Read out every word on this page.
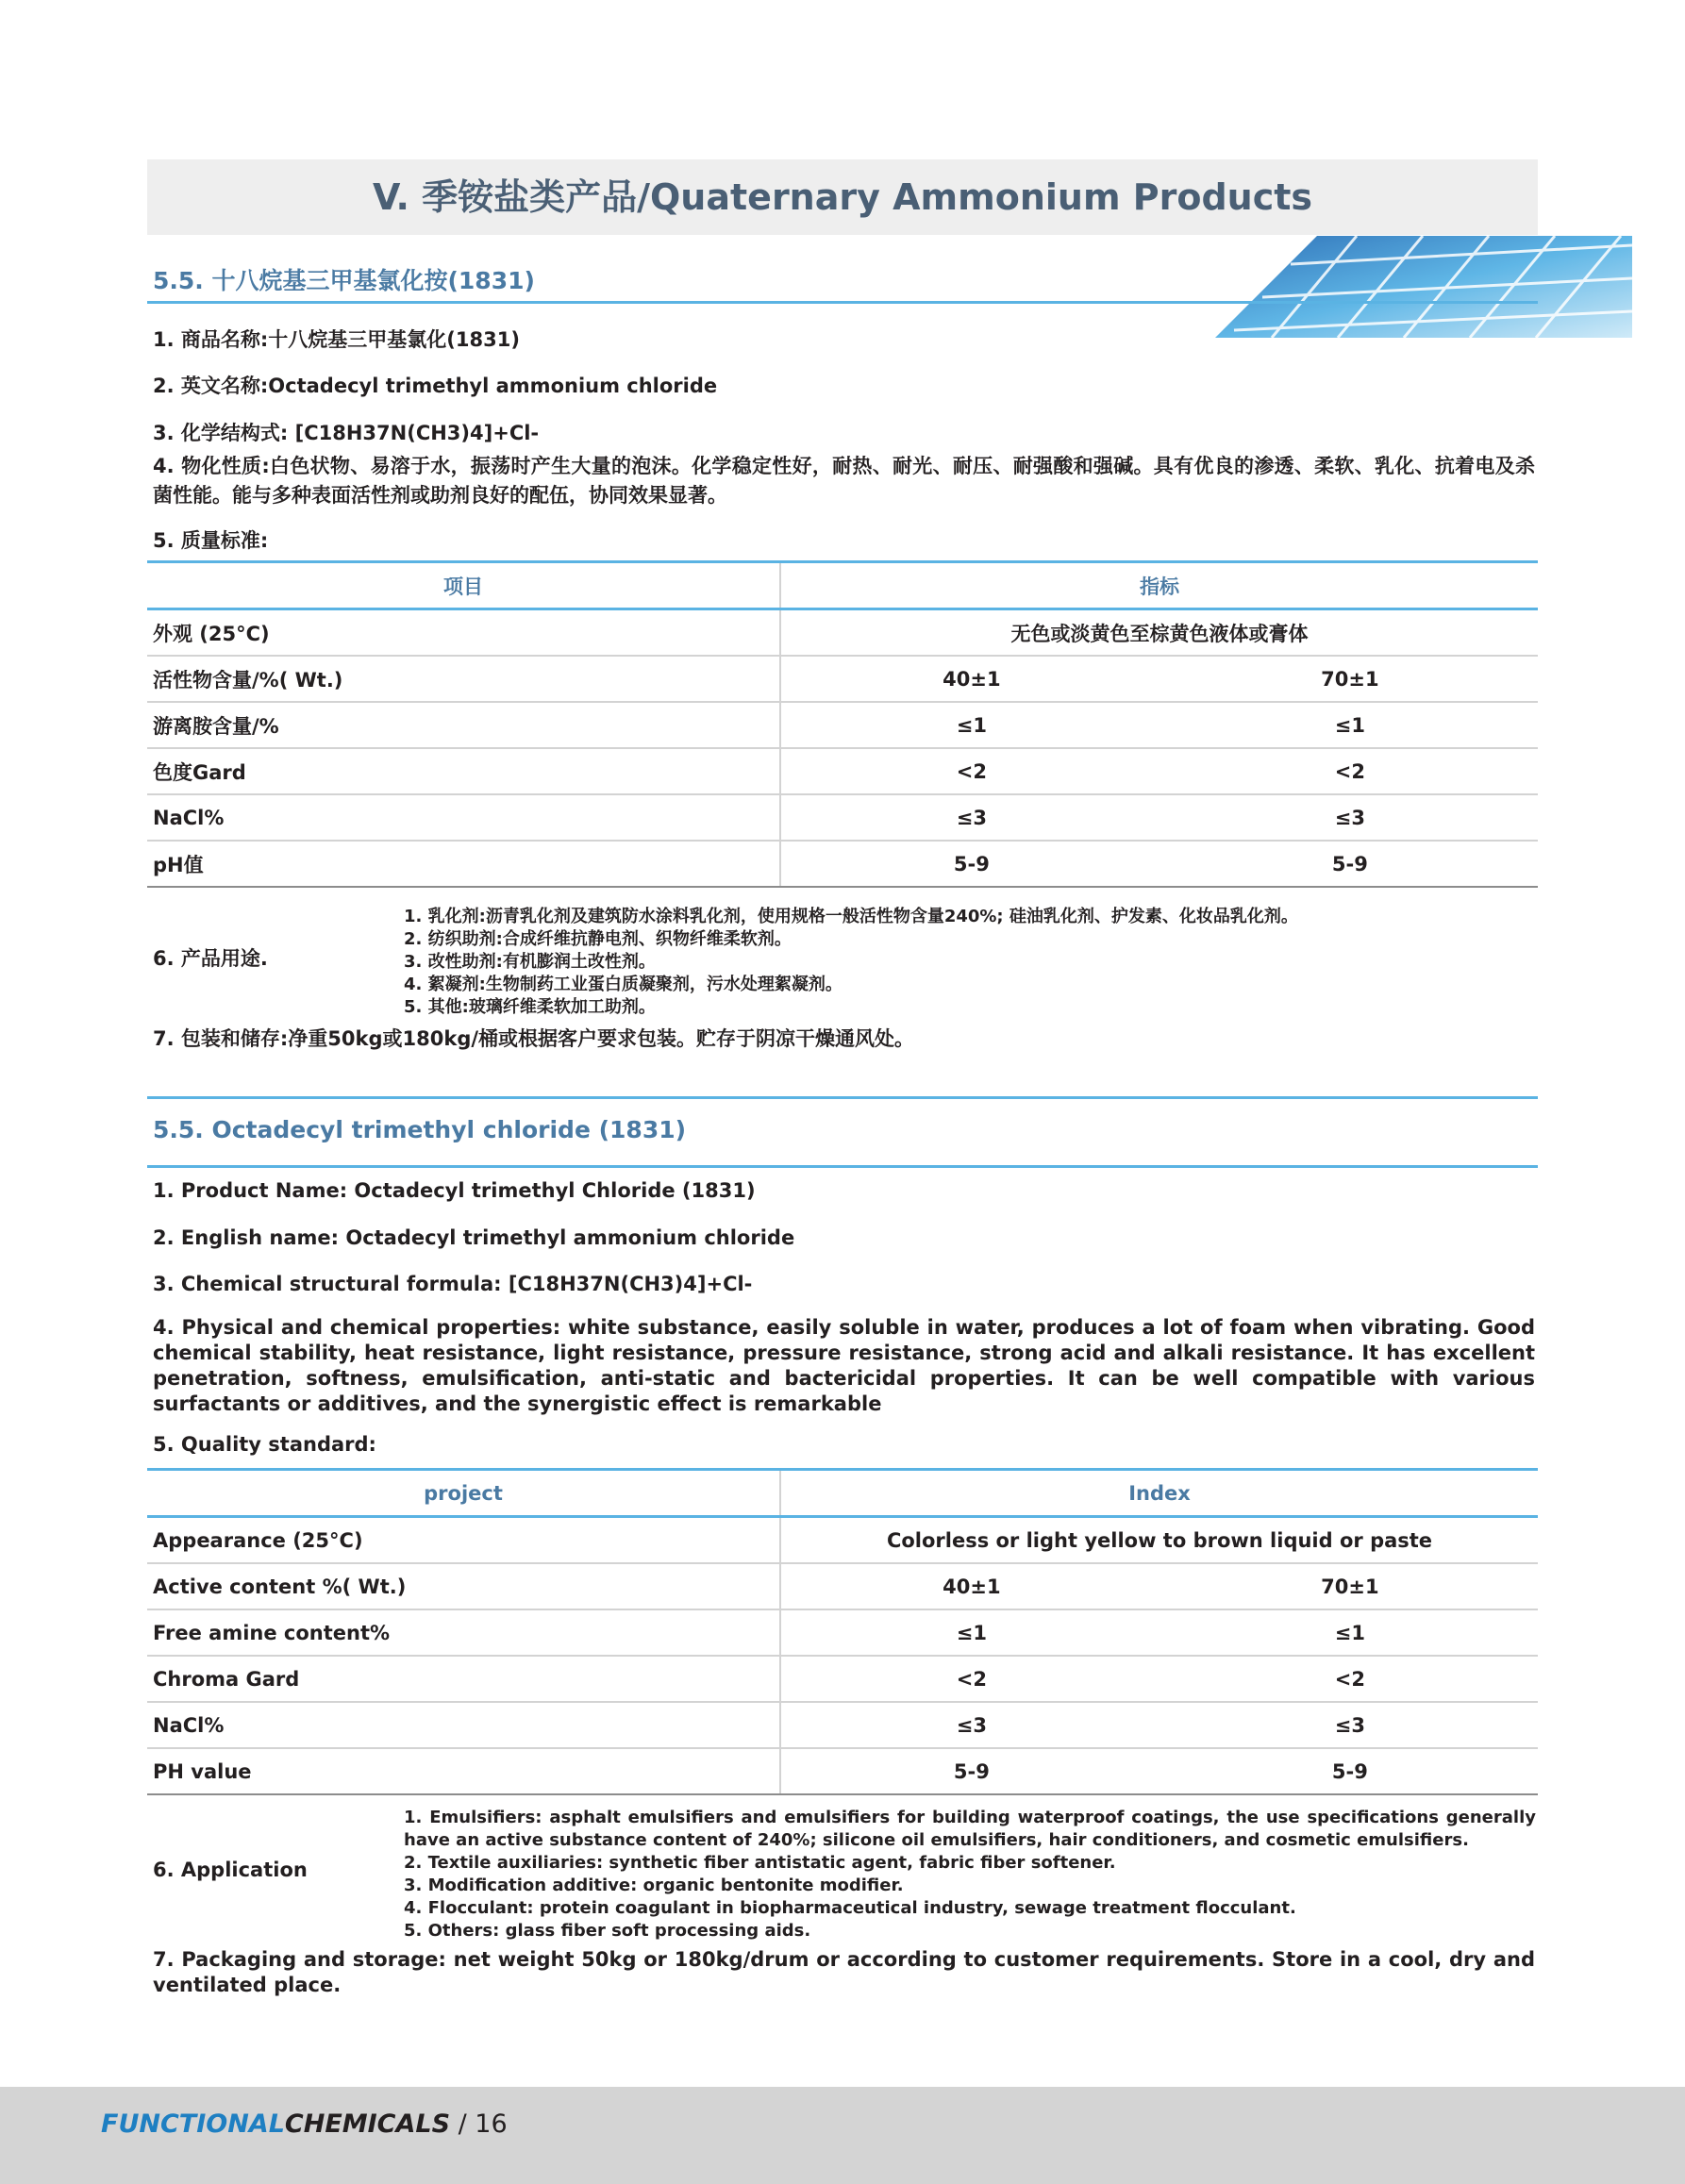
V. 季铵盐类产品/Quaternary Ammonium Products
5.5. 十八烷基三甲基氯化按(1831)
1. 商品名称:十八烷基三甲基氯化(1831)
2. 英文名称:Octadecyl trimethyl ammonium chloride
3. 化学结构式: [C18H37N(CH3)4]+Cl-
4. 物化性质:白色状物、易溶于水，振荡时产生大量的泡沫。化学稳定性好，耐热、耐光、耐压、耐强酸和强碱。具有优良的渗透、柔软、乳化、抗着电及杀菌性能。能与多种表面活性剂或助剂良好的配伍，协同效果显著。
5. 质量标准:
项目	指标	
外观 (25°C)	无色或淡黄色至棕黄色液体或膏体	
活性物含量/%( Wt.)	40±1	70±1
游离胺含量/%	≤1	≤1
色度Gard	<2	<2
NaCl%	≤3	≤3
pH值	5-9	5-9
6. 产品用途.
1. 乳化剂:沥青乳化剂及建筑防水涂料乳化剂，使用规格一般活性物含量240%; 硅油乳化剂、护发素、化妆品乳化剂。
2. 纺织助剂:合成纤维抗静电剂、织物纤维柔软剂。
3. 改性助剂:有机膨润土改性剂。
4. 絮凝剂:生物制药工业蛋白质凝聚剂，污水处理絮凝剂。
5. 其他:玻璃纤维柔软加工助剂。
7. 包装和储存:净重50kg或180kg/桶或根据客户要求包装。贮存于阴凉干燥通风处。
5.5. Octadecyl trimethyl chloride (1831)
1. Product Name: Octadecyl trimethyl Chloride (1831)
2. English name: Octadecyl trimethyl ammonium chloride
3. Chemical structural formula: [C18H37N(CH3)4]+Cl-
4. Physical and chemical properties: white substance, easily soluble in water, produces a lot of foam when vibrating. Good chemical stability, heat resistance, light resistance, pressure resistance, strong acid and alkali resistance. It has excellent penetration, softness, emulsification, anti-static and bactericidal properties. It can be well compatible with various surfactants or additives, and the synergistic effect is remarkable
5. Quality standard:
project	Index	
Appearance (25°C)	Colorless or light yellow to brown liquid or paste	
Active content %( Wt.)	40±1	70±1
Free amine content%	≤1	≤1
Chroma Gard	<2	<2
NaCl%	≤3	≤3
PH value	5-9	5-9
6. Application
1. Emulsifiers: asphalt emulsifiers and emulsifiers for building waterproof coatings, the use specifications generally have an active substance content of 240%; silicone oil emulsifiers, hair conditioners, and cosmetic emulsifiers.
2. Textile auxiliaries: synthetic fiber antistatic agent, fabric fiber softener.
3. Modification additive: organic bentonite modifier.
4. Flocculant: protein coagulant in biopharmaceutical industry, sewage treatment flocculant.
5. Others: glass fiber soft processing aids.
7. Packaging and storage: net weight 50kg or 180kg/drum or according to customer requirements. Store in a cool, dry and ventilated place.
FUNCTIONALCHEMICALS / 16
